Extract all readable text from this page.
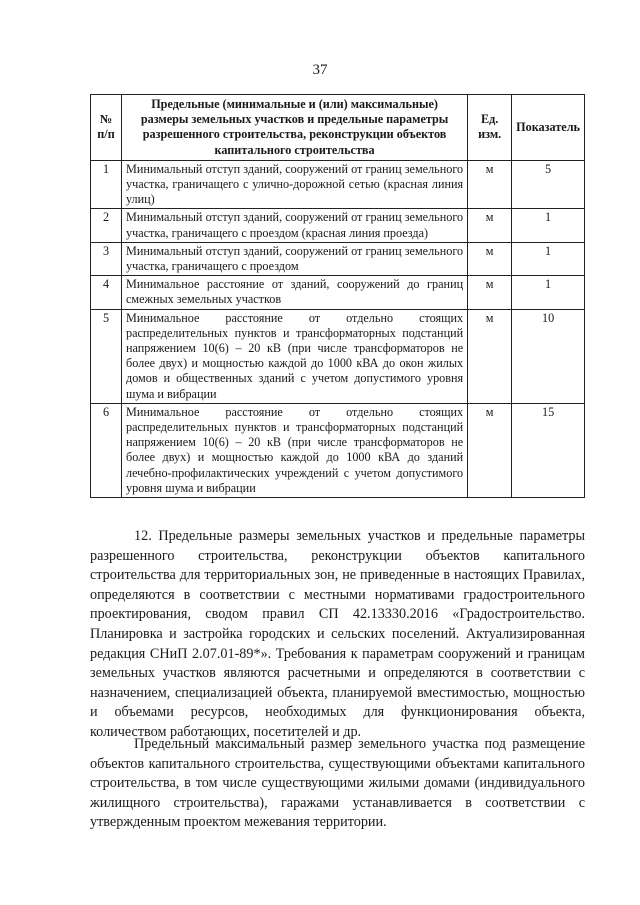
37
№ п/п	Предельные (минимальные и (или) максимальные) размеры земельных участков и предельные параметры разрешенного строительства, реконструкции объектов капитального строительства	Ед. изм.	Показатель
1	Минимальный отступ зданий, сооружений от границ земельного участка, граничащего с улично-дорожной сетью (красная линия улиц)	м	5
2	Минимальный отступ зданий, сооружений от границ земельного участка, граничащего с проездом (красная линия проезда)	м	1
3	Минимальный отступ зданий, сооружений от границ земельного участка, граничащего с проездом	м	1
4	Минимальное расстояние от зданий, сооружений до границ смежных земельных участков	м	1
5	Минимальное расстояние от отдельно стоящих распределительных пунктов и трансформаторных подстанций напряжением 10(6) – 20 кВ (при числе трансформаторов не более двух) и мощностью каждой до 1000 кВА до окон жилых домов и общественных зданий с учетом допустимого уровня шума и вибрации	м	10
6	Минимальное расстояние от отдельно стоящих распределительных пунктов и трансформаторных подстанций напряжением 10(6) – 20 кВ (при числе трансформаторов не более двух) и мощностью каждой до 1000 кВА до зданий лечебно-профилактических учреждений с учетом допустимого уровня шума и вибрации	м	15

12. Предельные размеры земельных участков и предельные параметры разрешенного строительства, реконструкции объектов капитального строительства для территориальных зон, не приведенные в настоящих Правилах, определяются в соответствии с местными нормативами градостроительного проектирования, сводом правил СП 42.13330.2016 «Градостроительство. Планировка и застройка городских и сельских поселений. Актуализированная редакция СНиП 2.07.01-89*». Требования к параметрам сооружений и границам земельных участков являются расчетными и определяются в соответствии с назначением, специализацией объекта, планируемой вместимостью, мощностью и объемами ресурсов, необходимых для функционирования объекта, количеством работающих, посетителей и др.

Предельный максимальный размер земельного участка под размещение объектов капитального строительства, существующими объектами капитального строительства, в том числе существующими жилыми домами (индивидуального жилищного строительства), гаражами устанавливается в соответствии с утвержденным проектом межевания территории.
